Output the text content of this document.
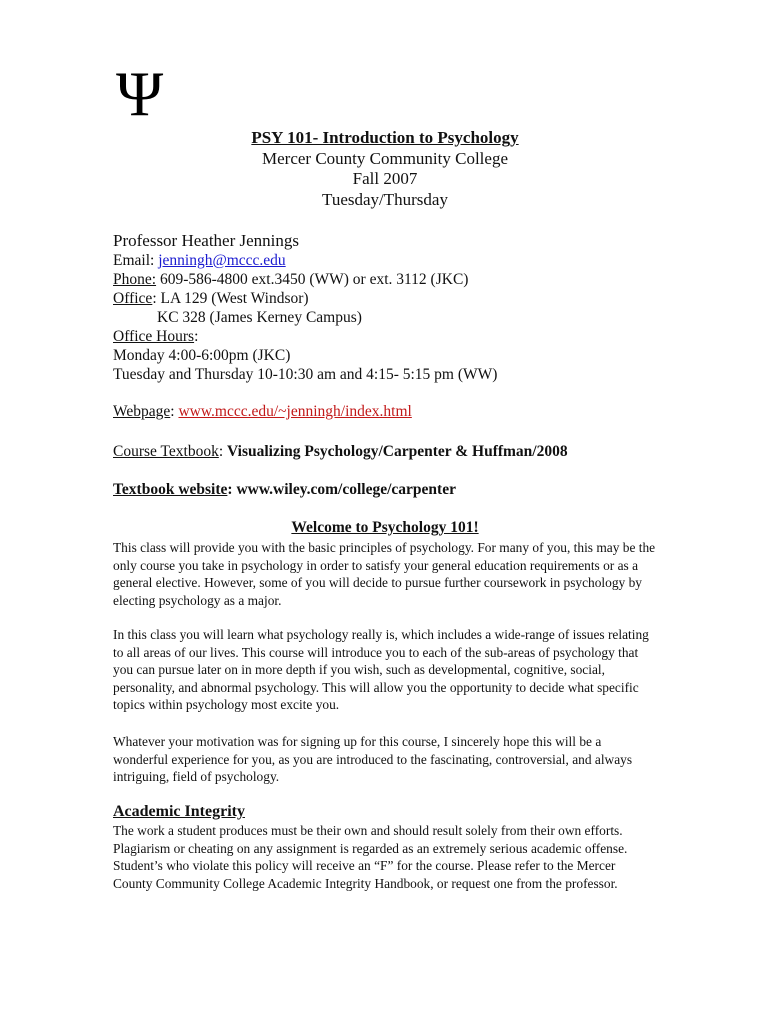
Ψ
PSY 101- Introduction to Psychology
Mercer County Community College
Fall 2007
Tuesday/Thursday
Professor Heather Jennings
Email: jenningh@mccc.edu
Phone: 609-586-4800 ext.3450 (WW) or ext. 3112 (JKC)
Office: LA 129 (West Windsor)
KC 328 (James Kerney Campus)
Office Hours:
Monday 4:00-6:00pm (JKC)
Tuesday and Thursday 10-10:30 am and 4:15- 5:15 pm (WW)
Webpage: www.mccc.edu/~jenningh/index.html
Course Textbook: Visualizing Psychology/Carpenter & Huffman/2008
Textbook website: www.wiley.com/college/carpenter
Welcome to Psychology 101!

This class will provide you with the basic principles of psychology. For many of you, this may be the only course you take in psychology in order to satisfy your general education requirements or as a general elective. However, some of you will decide to pursue further coursework in psychology by electing psychology as a major.

In this class you will learn what psychology really is, which includes a wide-range of issues relating to all areas of our lives. This course will introduce you to each of the sub-areas of psychology that you can pursue later on in more depth if you wish, such as developmental, cognitive, social, personality, and abnormal psychology. This will allow you the opportunity to decide what specific topics within psychology most excite you.

Whatever your motivation was for signing up for this course, I sincerely hope this will be a wonderful experience for you, as you are introduced to the fascinating, controversial, and always intriguing, field of psychology.

Academic Integrity

The work a student produces must be their own and should result solely from their own efforts. Plagiarism or cheating on any assignment is regarded as an extremely serious academic offense. Student’s who violate this policy will receive an “F” for the course. Please refer to the Mercer County Community College Academic Integrity Handbook, or request one from the professor.
